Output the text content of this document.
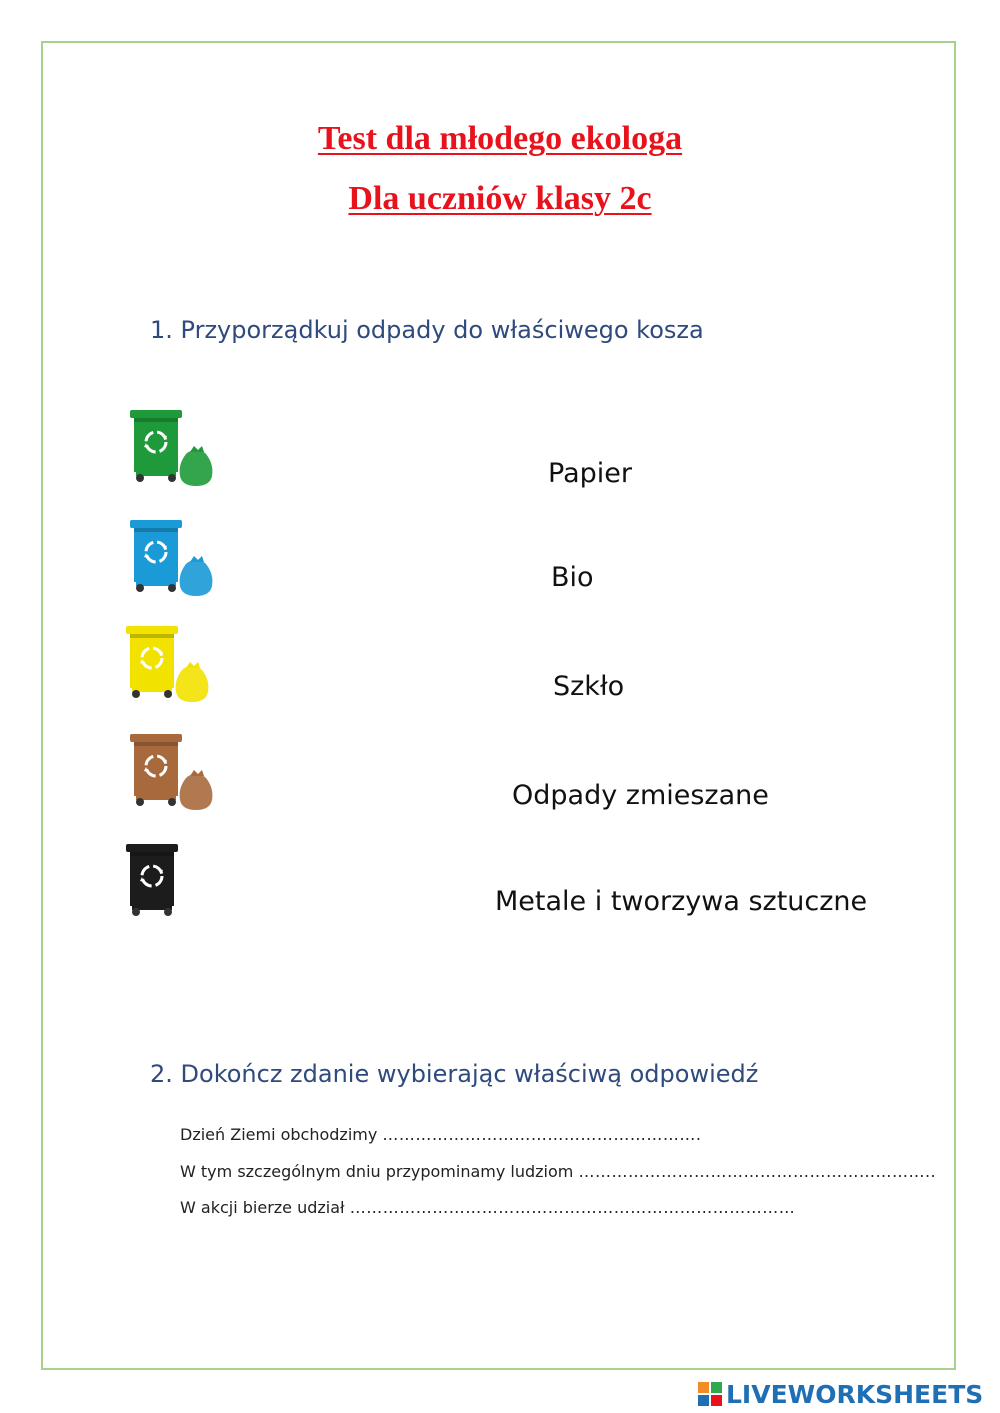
Test dla młodego ekologa
Dla uczniów klasy 2c
1. Przyporządkuj odpady do właściwego kosza
Papier
Bio
Szkło
Odpady zmieszane
Metale i tworzywa sztuczne
2. Dokończ zdanie wybierając właściwą odpowiedź
Dzień Ziemi obchodzimy ………………………………………………….
W tym szczególnym dniu przypominamy ludziom ………………………………………………………..
W akcji bierze udział ………………………………………………………………………
LIVEWORKSHEETS
